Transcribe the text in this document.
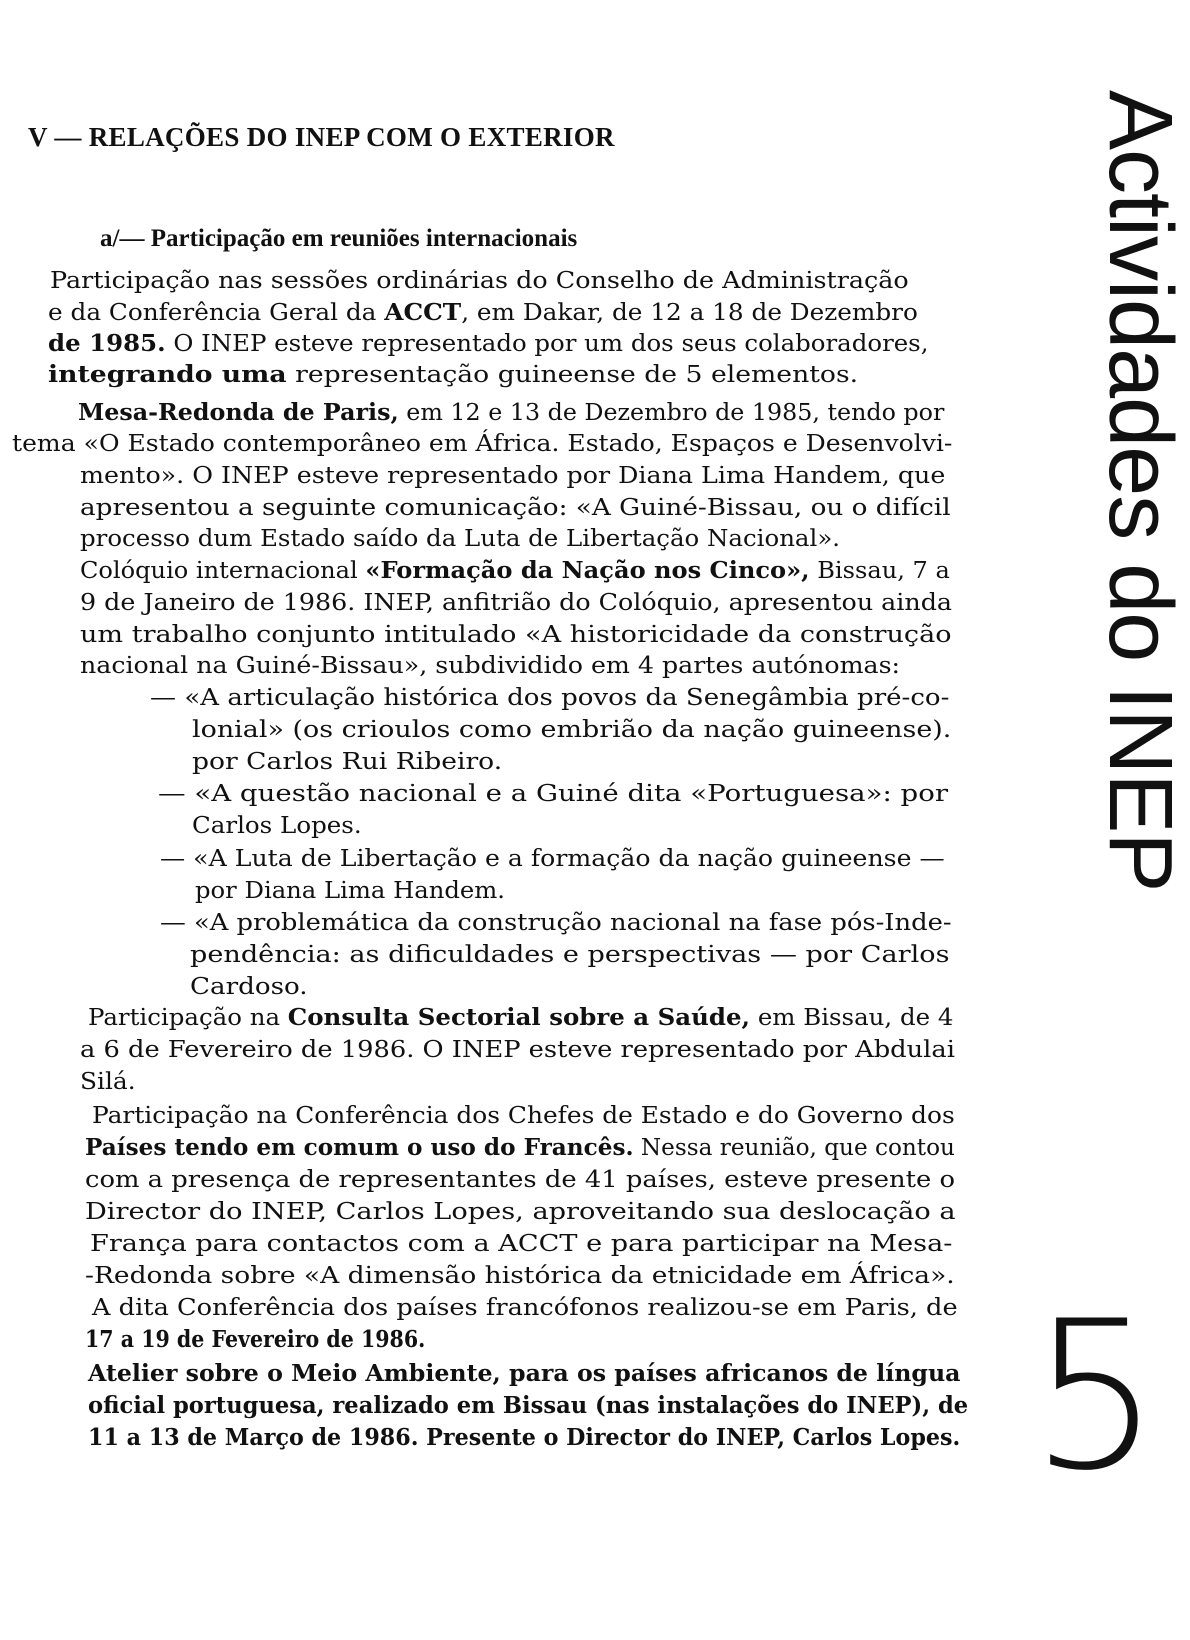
V — RELAÇÕES DO INEP COM O EXTERIOR
a/— Participação em reuniões internacionais
Participação nas sessões ordinárias do Conselho de Administração
e da Conferência Geral da ACCT, em Dakar, de 12 a 18 de Dezembro
de 1985. O INEP esteve representado por um dos seus colaboradores,
integrando uma representação guineense de 5 elementos.
Mesa-Redonda de Paris, em 12 e 13 de Dezembro de 1985, tendo por
tema «O Estado contemporâneo em África. Estado, Espaços e Desenvolvi-
mento». O INEP esteve representado por Diana Lima Handem, que
apresentou a seguinte comunicação: «A Guiné-Bissau, ou o difícil
processo dum Estado saído da Luta de Libertação Nacional».
Colóquio internacional «Formação da Nação nos Cinco», Bissau, 7 a
9 de Janeiro de 1986. INEP, anfitrião do Colóquio, apresentou ainda
um trabalho conjunto intitulado «A historicidade da construção
nacional na Guiné-Bissau», subdividido em 4 partes autónomas:
— «A articulação histórica dos povos da Senegâmbia pré-co-
lonial» (os crioulos como embrião da nação guineense).
por Carlos Rui Ribeiro.
— «A questão nacional e a Guiné dita «Portuguesa»: por
Carlos Lopes.
— «A Luta de Libertação e a formação da nação guineense —
por Diana Lima Handem.
— «A problemática da construção nacional na fase pós-Inde-
pendência: as dificuldades e perspectivas — por Carlos
Cardoso.
Participação na Consulta Sectorial sobre a Saúde, em Bissau, de 4
a 6 de Fevereiro de 1986. O INEP esteve representado por Abdulai
Silá.
Participação na Conferência dos Chefes de Estado e do Governo dos
Países tendo em comum o uso do Francês. Nessa reunião, que contou
com a presença de representantes de 41 países, esteve presente o
Director do INEP, Carlos Lopes, aproveitando sua deslocação a
França para contactos com a ACCT e para participar na Mesa-
-Redonda sobre «A dimensão histórica da etnicidade em África».
A dita Conferência dos países francófonos realizou-se em Paris, de
17 a 19 de Fevereiro de 1986.
Atelier sobre o Meio Ambiente, para os países africanos de língua
oficial portuguesa, realizado em Bissau (nas instalações do INEP), de
11 a 13 de Março de 1986. Presente o Director do INEP, Carlos Lopes.
Actividades do INEP
5
